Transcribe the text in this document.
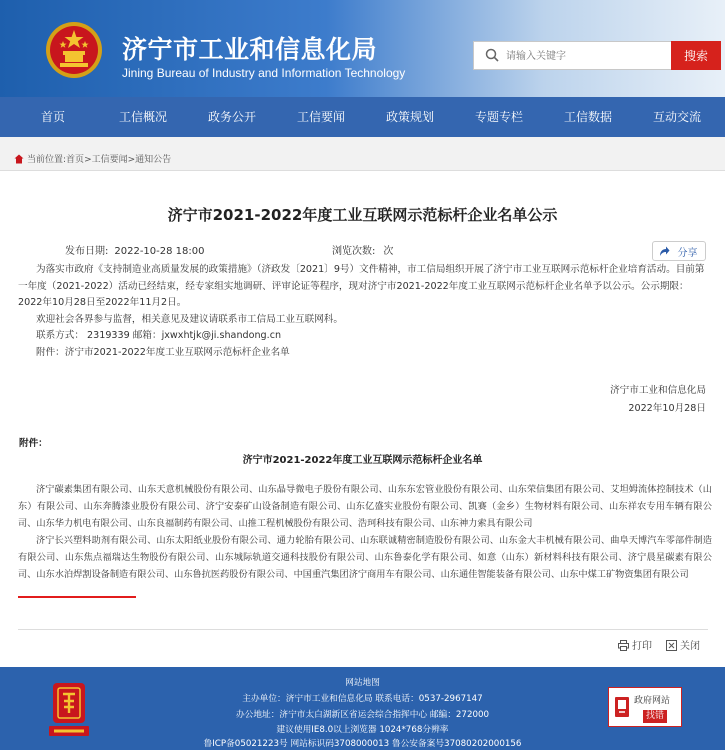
济宁市工业和信息化局
Jining Bureau of Industry and Information Technology
请输入关键字
搜索
首页	工信概况	政务公开	工信要闻	政策规划	专题专栏	工信数据	互动交流
当前位置:首页>工信要闻>通知公告
济宁市2021-2022年度工业互联网示范标杆企业名单公示
发布日期: 2022-10-28 18:00	浏览次数: 次	分享

为落实市政府《支持制造业高质量发展的政策措施》（济政发〔2021〕9号）文件精神，市工信局组织开展了济宁市工业互联网示范标杆企业培育活动。目前第一年度（2021-2022）活动已经结束，经专家组实地调研、评审论证等程序，现对济宁市2021-2022年度工业互联网示范标杆企业名单予以公示。公示期限：2022年10月28日至2022年11月2日。

欢迎社会各界参与监督，相关意见及建议请联系市工信局工业互联网科。

联系方式： 2319339 邮箱：jxwxhtjk@ji.shandong.cn

附件：济宁市2021-2022年度工业互联网示范标杆企业名单

济宁市工业和信息化局
2022年10月28日
附件：
济宁市2021-2022年度工业互联网示范标杆企业名单

济宁碳素集团有限公司、山东天意机械股份有限公司、山东晶导微电子股份有限公司、山东东宏管业股份有限公司、山东荣信集团有限公司、艾坦姆流体控制技术（山东）有限公司、山东奔腾漆业股份有限公司、济宁安泰矿山设备制造有限公司、山东亿盛实业股份有限公司、凯赛（金乡）生物材料有限公司、山东祥农专用车辆有限公司、山东华力机电有限公司、山东良福制药有限公司、山推工程机械股份有限公司、浩珂科技有限公司、山东神力索具有限公司

济宁长兴塑料助剂有限公司、山东太阳纸业股份有限公司、通力轮胎有限公司、山东联诚精密制造股份有限公司、山东金大丰机械有限公司、曲阜天博汽车零部件制造有限公司、山东焦点福瑞达生物股份有限公司、山东城际轨道交通科技股份有限公司、山东鲁泰化学有限公司、如意（山东）新材料科技有限公司、济宁晨星碳素有限公司、山东水泊焊割设备制造有限公司、山东鲁抗医药股份有限公司、中国重汽集团济宁商用车有限公司、山东通佳智能装备有限公司、山东中煤工矿物资集团有限公司

打印	关闭
网站地图
主办单位：济宁市工业和信息化局 联系电话：0537-2967147
办公地址：济宁市太白湖新区省运会综合指挥中心 邮编：272000
建议使用IE8.0以上浏览器 1024*768分辨率
鲁ICP备05021223号 网站标识码3708000013 鲁公安备案号37080202000156
政府网站
找错
